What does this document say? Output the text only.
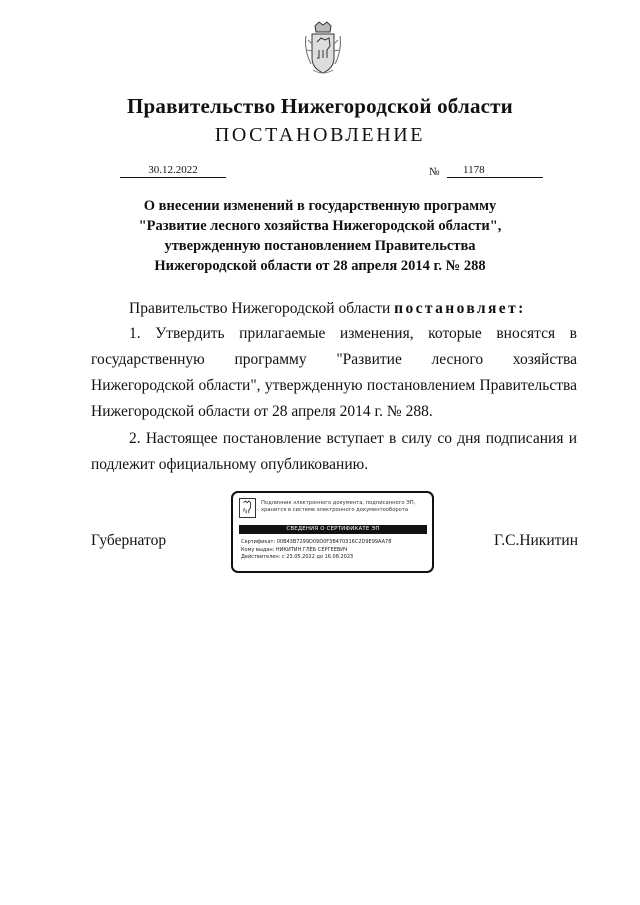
Правительство Нижегородской области
ПОСТАНОВЛЕНИЕ
30.12.2022	№	1178
О внесении изменений в государственную программу
"Развитие лесного хозяйства Нижегородской области",
утвержденную постановлением Правительства
Нижегородской области от 28 апреля 2014 г. № 288
Правительство Нижегородской области постановляет:
1. Утвердить прилагаемые изменения, которые вносятся в государственную программу "Развитие лесного хозяйства Нижегородской области", утвержденную постановлением Правительства Нижегородской области от 28 апреля 2014 г. № 288.
2. Настоящее постановление вступает в силу со дня подписания и подлежит официальному опубликованию.
Губернатор	Г.С.Никитин
Подлинник электронного документа, подписанного ЭП, хранится в системе электронного документооборота
СВЕДЕНИЯ О СЕРТИФИКАТЕ ЭП
Сертификат: 00B43B7299D09D0F3B470316C2D9E99AA78
Кому выдан: НИКИТИН ГЛЕБ СЕРГЕЕВИЧ
Действителен: с 23.05.2022 до 16.08.2023
